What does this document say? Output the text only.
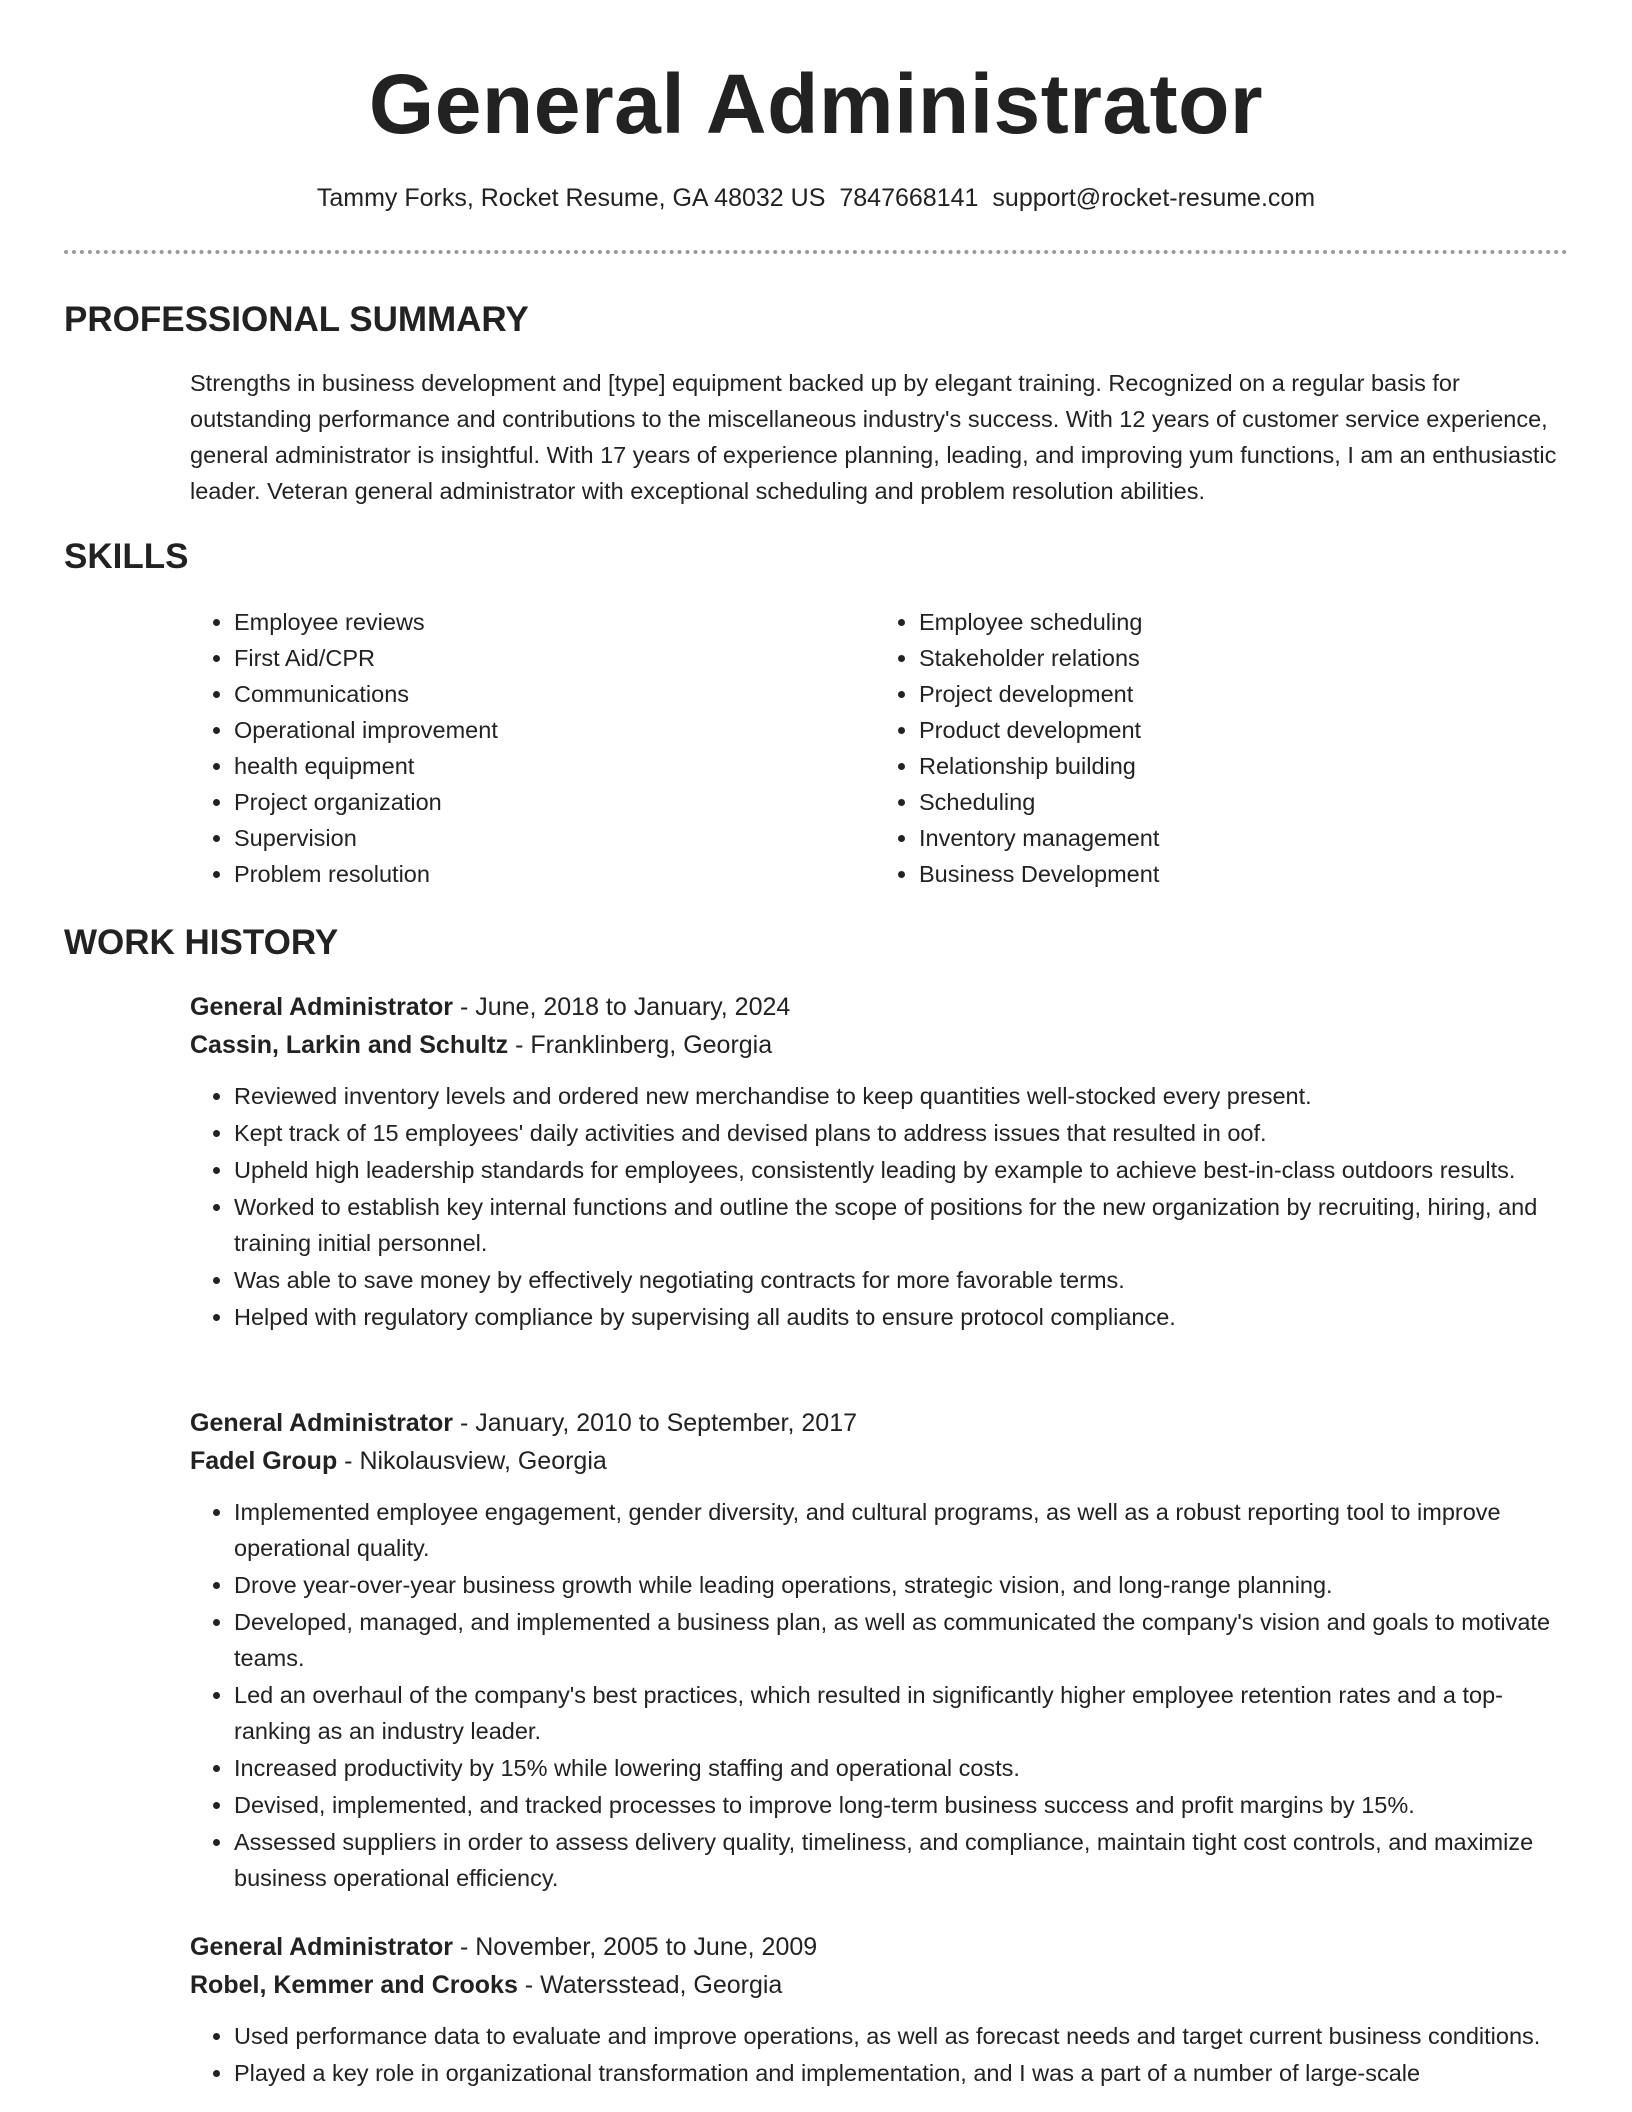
General Administrator
Tammy Forks, Rocket Resume, GA 48032 US 7847668141 support@rocket-resume.com
PROFESSIONAL SUMMARY

Strengths in business development and [type] equipment backed up by elegant training. Recognized on a regular basis for outstanding performance and contributions to the miscellaneous industry's success. With 12 years of customer service experience, general administrator is insightful. With 17 years of experience planning, leading, and improving yum functions, I am an enthusiastic leader. Veteran general administrator with exceptional scheduling and problem resolution abilities.

SKILLS
• Employee reviews
• First Aid/CPR
• Communications
• Operational improvement
• health equipment
• Project organization
• Supervision
• Problem resolution
• Employee scheduling
• Stakeholder relations
• Project development
• Product development
• Relationship building
• Scheduling
• Inventory management
• Business Development
WORK HISTORY
General Administrator - June, 2018 to January, 2024
Cassin, Larkin and Schultz - Franklinberg, Georgia
• Reviewed inventory levels and ordered new merchandise to keep quantities well-stocked every present.
• Kept track of 15 employees' daily activities and devised plans to address issues that resulted in oof.
• Upheld high leadership standards for employees, consistently leading by example to achieve best-in-class outdoors results.
• Worked to establish key internal functions and outline the scope of positions for the new organization by recruiting, hiring, and training initial personnel.
• Was able to save money by effectively negotiating contracts for more favorable terms.
• Helped with regulatory compliance by supervising all audits to ensure protocol compliance.
General Administrator - January, 2010 to September, 2017
Fadel Group - Nikolausview, Georgia
• Implemented employee engagement, gender diversity, and cultural programs, as well as a robust reporting tool to improve operational quality.
• Drove year-over-year business growth while leading operations, strategic vision, and long-range planning.
• Developed, managed, and implemented a business plan, as well as communicated the company's vision and goals to motivate teams.
• Led an overhaul of the company's best practices, which resulted in significantly higher employee retention rates and a top-ranking as an industry leader.
• Increased productivity by 15% while lowering staffing and operational costs.
• Devised, implemented, and tracked processes to improve long-term business success and profit margins by 15%.
• Assessed suppliers in order to assess delivery quality, timeliness, and compliance, maintain tight cost controls, and maximize business operational efficiency.
General Administrator - November, 2005 to June, 2009
Robel, Kemmer and Crooks - Watersstead, Georgia
• Used performance data to evaluate and improve operations, as well as forecast needs and target current business conditions.
• Played a key role in organizational transformation and implementation, and I was a part of a number of large-scale
